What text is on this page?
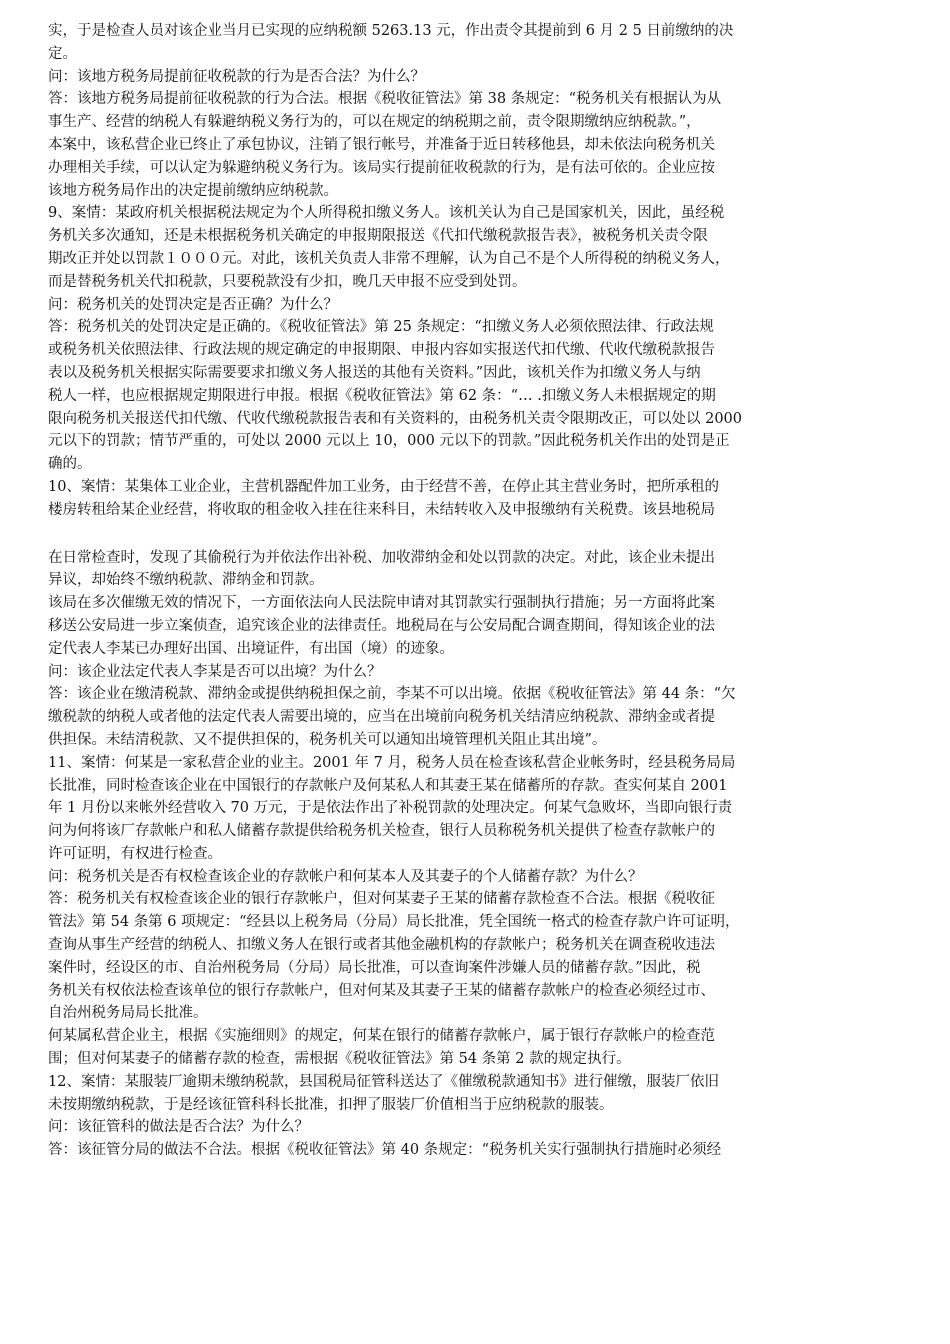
实，于是检查人员对该企业当月已实现的应纳税额 5263.13 元，作出责令其提前到 6 月 2 5 日前缴纳的决
定。
问：该地方税务局提前征收税款的行为是否合法？为什么？
答：该地方税务局提前征收税款的行为合法。根据《税收征管法》第 38 条规定：“税务机关有根据认为从
事生产、经营的纳税人有躲避纳税义务行为的，可以在规定的纳税期之前，责令限期缴纳应纳税款。”，
本案中，该私营企业已终止了承包协议，注销了银行帐号，并准备于近日转移他县，却未依法向税务机关
办理相关手续，可以认定为躲避纳税义务行为。该局实行提前征收税款的行为，是有法可依的。企业应按
该地方税务局作出的决定提前缴纳应纳税款。
9、案情：某政府机关根据税法规定为个人所得税扣缴义务人。该机关认为自己是国家机关，因此，虽经税
务机关多次通知，还是未根据税务机关确定的申报期限报送《代扣代缴税款报告表》，被税务机关责令限
期改正并处以罚款１０００元。对此，该机关负责人非常不理解，认为自己不是个人所得税的纳税义务人，
而是替税务机关代扣税款，只要税款没有少扣，晚几天申报不应受到处罚。
问：税务机关的处罚决定是否正确？为什么？
答：税务机关的处罚决定是正确的。《税收征管法》第 25 条规定：“扣缴义务人必须依照法律、行政法规
或税务机关依照法律、行政法规的规定确定的申报期限、申报内容如实报送代扣代缴、代收代缴税款报告
表以及税务机关根据实际需要要求扣缴义务人报送的其他有关资料。”因此，该机关作为扣缴义务人与纳
税人一样，也应根据规定期限进行申报。根据《税收征管法》第 62 条：“… .扣缴义务人未根据规定的期
限向税务机关报送代扣代缴、代收代缴税款报告表和有关资料的，由税务机关责令限期改正，可以处以 2000
元以下的罚款；情节严重的，可处以 2000 元以上 10，000 元以下的罚款。”因此税务机关作出的处罚是正
确的。
10、案情：某集体工业企业，主营机器配件加工业务，由于经营不善，在停止其主营业务时，把所承租的
楼房转租给某企业经营，将收取的租金收入挂在往来科目，未结转收入及申报缴纳有关税费。该县地税局
在日常检查时，发现了其偷税行为并依法作出补税、加收滞纳金和处以罚款的决定。对此，该企业未提出
异议，却始终不缴纳税款、滞纳金和罚款。
该局在多次催缴无效的情况下，一方面依法向人民法院申请对其罚款实行强制执行措施；另一方面将此案
移送公安局进一步立案侦查，追究该企业的法律责任。地税局在与公安局配合调查期间，得知该企业的法
定代表人李某已办理好出国、出境证件，有出国（境）的迹象。
问：该企业法定代表人李某是否可以出境？为什么？
答：该企业在缴清税款、滞纳金或提供纳税担保之前，李某不可以出境。依据《税收征管法》第 44 条：“欠
缴税款的纳税人或者他的法定代表人需要出境的，应当在出境前向税务机关结清应纳税款、滞纳金或者提
供担保。未结清税款、又不提供担保的，税务机关可以通知出境管理机关阻止其出境”。
11、案情：何某是一家私营企业的业主。2001 年 7 月，税务人员在检查该私营企业帐务时，经县税务局局
长批准，同时检查该企业在中国银行的存款帐户及何某私人和其妻王某在储蓄所的存款。查实何某自 2001
年 1 月份以来帐外经营收入 70 万元，于是依法作出了补税罚款的处理决定。何某气急败坏，当即向银行责
问为何将该厂存款帐户和私人储蓄存款提供给税务机关检查，银行人员称税务机关提供了检查存款帐户的
许可证明，有权进行检查。
问：税务机关是否有权检查该企业的存款帐户和何某本人及其妻子的个人储蓄存款？为什么？
答：税务机关有权检查该企业的银行存款帐户，但对何某妻子王某的储蓄存款检查不合法。根据《税收征
管法》第 54 条第 6 项规定：“经县以上税务局（分局）局长批准，凭全国统一格式的检查存款户许可证明，
查询从事生产经营的纳税人、扣缴义务人在银行或者其他金融机构的存款帐户；税务机关在调查税收违法
案件时，经设区的市、自治州税务局（分局）局长批准，可以查询案件涉嫌人员的储蓄存款。”因此，税
务机关有权依法检查该单位的银行存款帐户，但对何某及其妻子王某的储蓄存款帐户的检查必须经过市、
自治州税务局局长批准。
何某属私营企业主，根据《实施细则》的规定，何某在银行的储蓄存款帐户，属于银行存款帐户的检查范
围；但对何某妻子的储蓄存款的检查，需根据《税收征管法》第 54 条第 2 款的规定执行。
12、案情：某服装厂逾期未缴纳税款，县国税局征管科送达了《催缴税款通知书》进行催缴，服装厂依旧
未按期缴纳税款，于是经该征管科科长批准，扣押了服装厂价值相当于应纳税款的服装。
问：该征管科的做法是否合法？为什么？
答：该征管分局的做法不合法。根据《税收征管法》第 40 条规定：“税务机关实行强制执行措施时必须经
